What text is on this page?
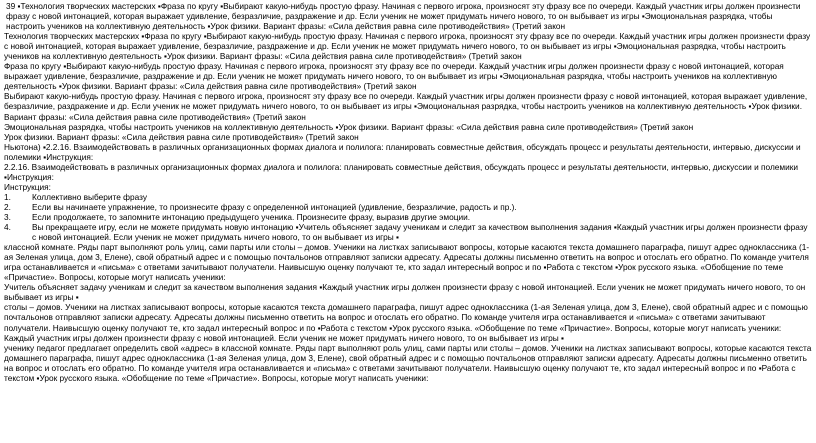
39 ▪Технология творческих мастерских ▪Фраза по кругу ▪Выбирают какую-нибудь простую фразу. Начиная с первого игрока, произносят эту фразу все по очереди. Каждый участник игры должен произнести фразу с новой интонацией, которая выражает удивление, безразличие, раздражение и др. Если ученик не может придумать ничего нового, то он выбывает из игры ▪Эмоциональная разрядка, чтобы настроить учеников на коллективную деятельность ▪Урок физики. Вариант фразы: «Сила действия равна силе противодействия» (Третий закон

Технология творческих мастерских ▪Фраза по кругу ▪Выбирают какую-нибудь простую фразу. Начиная с первого игрока, произносят эту фразу все по очереди. Каждый участник игры должен произнести фразу с новой интонацией, которая выражает удивление, безразличие, раздражение и др. Если ученик не может придумать ничего нового, то он выбывает из игры ▪Эмоциональная разрядка, чтобы настроить учеников на коллективную деятельность ▪Урок физики. Вариант фразы: «Сила действия равна силе противодействия» (Третий закон

Фраза по кругу ▪Выбирают какую-нибудь простую фразу. Начиная с первого игрока, произносят эту фразу все по очереди. Каждый участник игры должен произнести фразу с новой интонацией, которая выражает удивление, безразличие, раздражение и др. Если ученик не может придумать ничего нового, то он выбывает из игры ▪Эмоциональная разрядка, чтобы настроить учеников на коллективную деятельность ▪Урок физики. Вариант фразы: «Сила действия равна силе противодействия» (Третий закон

Выбирают какую-нибудь простую фразу. Начиная с первого игрока, произносят эту фразу все по очереди. Каждый участник игры должен произнести фразу с новой интонацией, которая выражает удивление, безразличие, раздражение и др. Если ученик не может придумать ничего нового, то он выбывает из игры ▪Эмоциональная разрядка, чтобы настроить учеников на коллективную деятельность ▪Урок физики. Вариант фразы: «Сила действия равна силе противодействия» (Третий закон

Эмоциональная разрядка, чтобы настроить учеников на коллективную деятельность ▪Урок физики. Вариант фразы: «Сила действия равна силе противодействия» (Третий закон

Урок физики. Вариант фразы: «Сила действия равна силе противодействия» (Третий закон

Ньютона) ▪2.2.16. Взаимодействовать в различных организационных формах диалога и полилога: планировать совместные действия, обсуждать процесс и результаты деятельности, интервью, дискуссии и полемики ▪Инструкция:

2.2.16. Взаимодействовать в различных организационных формах диалога и полилога: планировать совместные действия, обсуждать процесс и результаты деятельности, интервью, дискуссии и полемики ▪Инструкция:

Инструкция:

1.	Коллективно выберите фразу
2.	Если вы начинаете упражнение, то произнесите фразу с определенной интонацией (удивление, безразличие, радость и пр.).
3.	Если продолжаете, то запомните интонацию предыдущего ученика. Произнесите фразу, выразив другие эмоции.
4.	Вы прекращаете игру, если не можете придумать новую интонацию ▪Учитель объясняет задачу ученикам и следит за качеством выполнения задания ▪Каждый участник игры должен произнести фразу с новой интонацией. Если ученик не может придумать ничего нового, то он выбывает из игры ▪

классной комнате. Ряды парт выполняют роль улиц, сами парты или столы – домов. Ученики на листках записывают вопросы, которые касаются текста домашнего параграфа, пишут адрес одноклассника (1-ая Зеленая улица, дом 3, Елене), свой обратный адрес и с помощью почтальонов отправляют записки адресату. Адресаты должны письменно ответить на вопрос и отослать его обратно. По команде учителя игра останавливается и «письма» с ответами зачитывают получатели. Наивысшую оценку получают те, кто задал интересный вопрос и по ▪Работа с текстом ▪Урок русского языка. «Обобщение по теме «Причастие». Вопросы, которые могут написать ученики:

Учитель объясняет задачу ученикам и следит за качеством выполнения задания ▪Каждый участник игры должен произнести фразу с новой интонацией. Если ученик не может придумать ничего нового, то он выбывает из игры ▪

столы – домов. Ученики на листках записывают вопросы, которые касаются текста домашнего параграфа, пишут адрес одноклассника (1-ая Зеленая улица, дом 3, Елене), свой обратный адрес и с помощью почтальонов отправляют записки адресату. Адресаты должны письменно ответить на вопрос и отослать его обратно. По команде учителя игра останавливается и «письма» с ответами зачитывают получатели. Наивысшую оценку получают те, кто задал интересный вопрос и по ▪Работа с текстом ▪Урок русского языка. «Обобщение по теме «Причастие». Вопросы, которые могут написать ученики:

Каждый участник игры должен произнести фразу с новой интонацией. Если ученик не может придумать ничего нового, то он выбывает из игры ▪

ученику педагог предлагает определить свой «адрес» в классной комнате. Ряды парт выполняют роль улиц, сами парты или столы – домов. Ученики на листках записывают вопросы, которые касаются текста домашнего параграфа, пишут адрес одноклассника (1-ая Зеленая улица, дом 3, Елене), свой обратный адрес и с помощью почтальонов отправляют записки адресату. Адресаты должны письменно ответить на вопрос и отослать его обратно. По команде учителя игра останавливается и «письма» с ответами зачитывают получатели. Наивысшую оценку получают те, кто задал интересный вопрос и по ▪Работа с текстом ▪Урок русского языка. «Обобщение по теме «Причастие». Вопросы, которые могут написать ученики:
